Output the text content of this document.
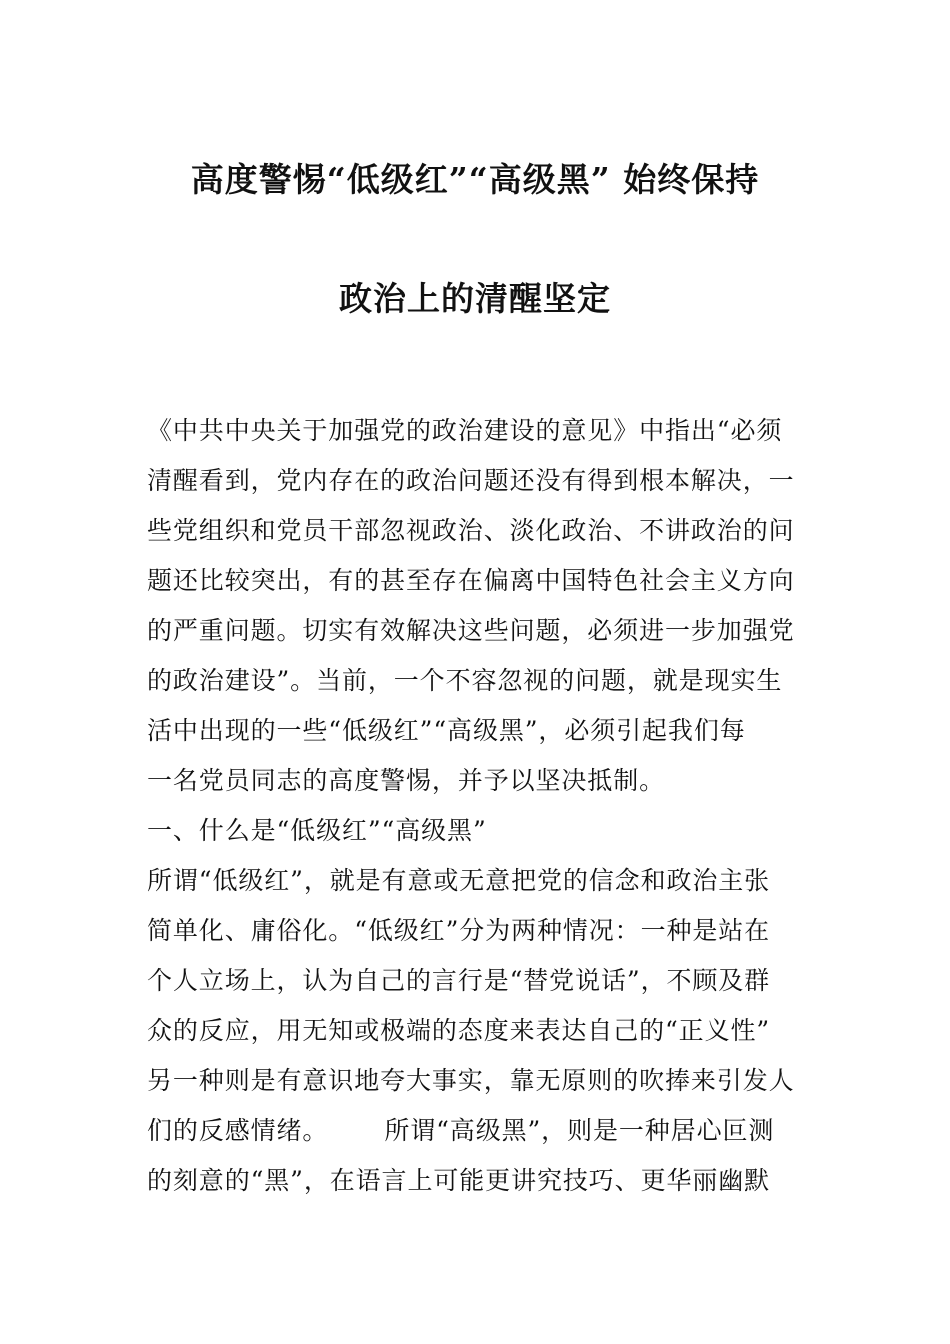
高度警惕“低级红”“高级黑” 始终保持
政治上的清醒坚定
《中共中央关于加强党的政治建设的意见》中指出“必须
清醒看到，党内存在的政治问题还没有得到根本解决，一
些党组织和党员干部忽视政治、淡化政治、不讲政治的问
题还比较突出，有的甚至存在偏离中国特色社会主义方向
的严重问题。切实有效解决这些问题，必须进一步加强党
的政治建设”。当前，一个不容忽视的问题，就是现实生
活中出现的一些“低级红”“高级黑”，必须引起我们每
一名党员同志的高度警惕，并予以坚决抵制。
一、什么是“低级红”“高级黑”
所谓“低级红”，就是有意或无意把党的信念和政治主张
简单化、庸俗化。“低级红”分为两种情况：一种是站在
个人立场上，认为自己的言行是“替党说话”，不顾及群
众的反应，用无知或极端的态度来表达自己的“正义性”
另一种则是有意识地夸大事实，靠无原则的吹捧来引发人
们的反感情绪。 所谓“高级黑”，则是一种居心叵测
的刻意的“黑”，在语言上可能更讲究技巧、更华丽幽默
